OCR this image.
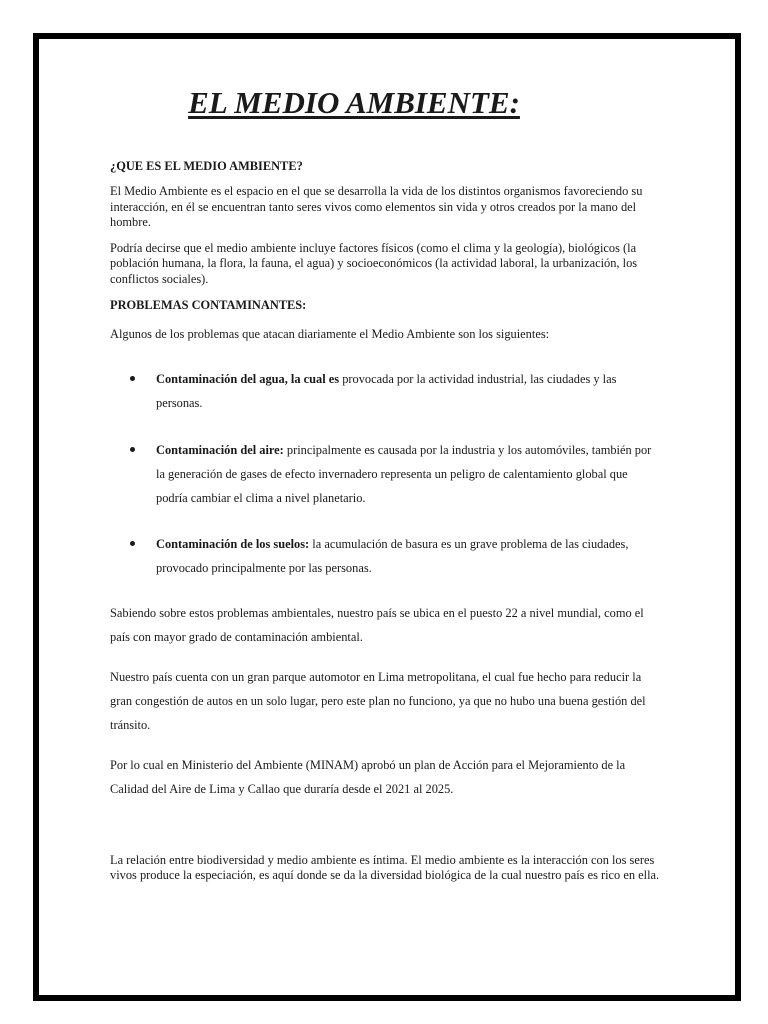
EL MEDIO AMBIENTE:
¿QUE ES EL MEDIO AMBIENTE?

El Medio Ambiente es el espacio en el que se desarrolla la vida de los distintos organismos favoreciendo su interacción, en él se encuentran tanto seres vivos como elementos sin vida y otros creados por la mano del hombre.

Podría decirse que el medio ambiente incluye factores físicos (como el clima y la geología), biológicos (la población humana, la flora, la fauna, el agua) y socioeconómicos (la actividad laboral, la urbanización, los conflictos sociales).

PROBLEMAS CONTAMINANTES:

Algunos de los problemas que atacan diariamente el Medio Ambiente son los siguientes:

Contaminación del agua, la cual es provocada por la actividad industrial, las ciudades y las personas.
Contaminación del aire: principalmente es causada por la industria y los automóviles, también por la generación de gases de efecto invernadero representa un peligro de calentamiento global que podría cambiar el clima a nivel planetario.
Contaminación de los suelos: la acumulación de basura es un grave problema de las ciudades, provocado principalmente por las personas.

Sabiendo sobre estos problemas ambientales, nuestro país se ubica en el puesto 22 a nivel mundial, como el país con mayor grado de contaminación ambiental.

Nuestro país cuenta con un gran parque automotor en Lima metropolitana, el cual fue hecho para reducir la gran congestión de autos en un solo lugar, pero este plan no funciono, ya que no hubo una buena gestión del tránsito.

Por lo cual en Ministerio del Ambiente (MINAM) aprobó un plan de Acción para el Mejoramiento de la Calidad del Aire de Lima y Callao que duraría desde el 2021 al 2025.

La relación entre biodiversidad y medio ambiente es íntima. El medio ambiente es la interacción con los seres vivos produce la especiación, es aquí donde se da la diversidad biológica de la cual nuestro país es rico en ella.
